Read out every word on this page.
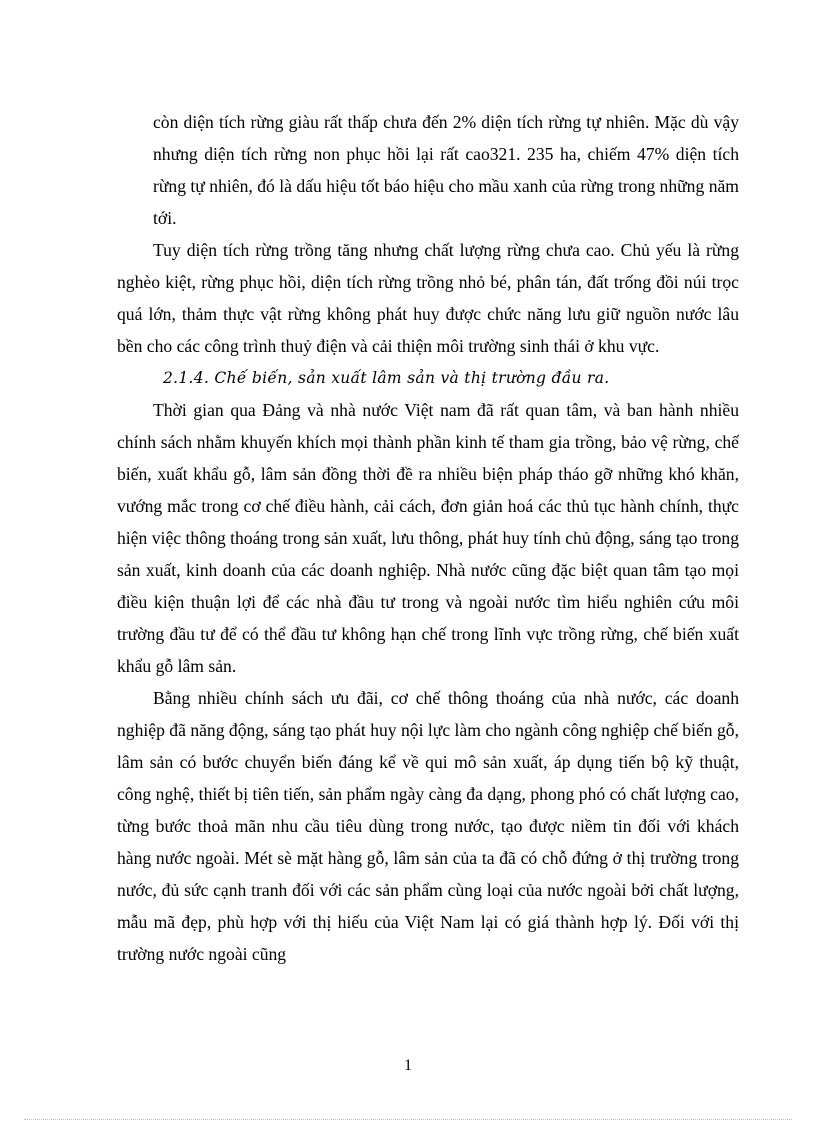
còn diện tích rừng giàu rất thấp chưa đến 2% diện tích rừng tự nhiên. Mặc dù vậy nhưng diện tích rừng non phục hồi lại rất cao321. 235 ha, chiếm 47% diện tích rừng tự nhiên, đó là dấu hiệu tốt báo hiệu cho mầu xanh của rừng trong những năm tới.

Tuy diện tích rừng trồng tăng nhưng chất lượng rừng chưa cao. Chủ yếu là rừng nghèo kiệt, rừng phục hồi, diện tích rừng trồng nhỏ bé, phân tán, đất trống đồi núi trọc quá lớn, thảm thực vật rừng không phát huy được chức năng lưu giữ nguồn nước lâu bền cho các công trình thuỷ điện và cải thiện môi trường sinh thái ở khu vực.

2.1.4. Chế biến, sản xuất lâm sản và thị trường đầu ra.

Thời gian qua Đảng và nhà nước Việt nam đã rất quan tâm, và ban hành nhiều chính sách nhằm khuyến khích mọi thành phần kinh tế tham gia trồng, bảo vệ rừng, chế biến, xuất khẩu gỗ, lâm sản đồng thời đề ra nhiều biện pháp tháo gỡ những khó khăn, vướng mắc trong cơ chế điều hành, cải cách, đơn giản hoá các thủ tục hành chính, thực hiện việc thông thoáng trong sản xuất, lưu thông, phát huy tính chủ động, sáng tạo trong sản xuất, kinh doanh của các doanh nghiệp. Nhà nước cũng đặc biệt quan tâm tạo mọi điều kiện thuận lợi để các nhà đầu tư trong và ngoài nước tìm hiểu nghiên cứu môi trường đầu tư để có thể đầu tư không hạn chế trong lĩnh vực trồng rừng, chế biến xuất khẩu gỗ lâm sản.

Bằng nhiều chính sách ưu đãi, cơ chế thông thoáng của nhà nước, các doanh nghiệp đã năng động, sáng tạo phát huy nội lực làm cho ngành công nghiệp chế biến gỗ, lâm sản có bước chuyển biến đáng kể về qui mô sản xuất, áp dụng tiến bộ kỹ thuật, công nghệ, thiết bị tiên tiến, sản phẩm ngày càng đa dạng, phong phó có chất lượng cao, từng bước thoả mãn nhu cầu tiêu dùng trong nước, tạo được niềm tin đối với khách hàng nước ngoài. Mét sè mặt hàng gỗ, lâm sản của ta đã có chỗ đứng ở thị trường trong nước, đủ sức cạnh tranh đối với các sản phẩm cùng loại của nước ngoài bởi chất lượng, mẫu mã đẹp, phù hợp với thị hiếu của Việt Nam lại có giá thành hợp lý. Đối với thị trường nước ngoài cũng

1
